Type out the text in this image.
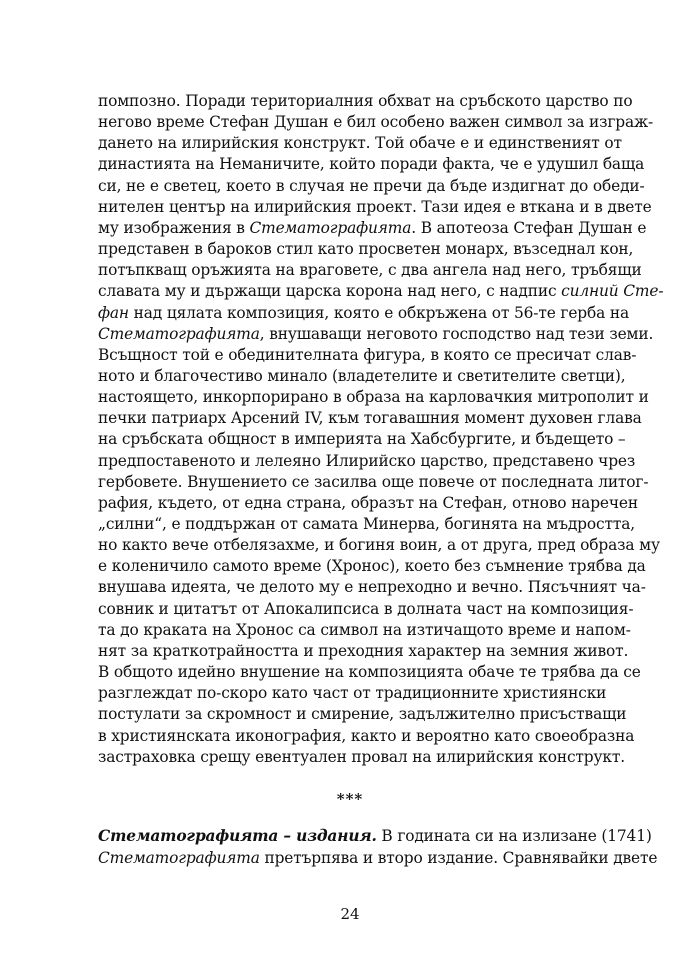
помпозно. Поради териториалния обхват на сръбското царство по
негово време Стефан Душан е бил особено важен символ за изграж-
дането на илирийския конструкт. Той обаче е и единственият от
династията на Неманичите, който поради факта, че е удушил баща
си, не е светец, което в случая не пречи да бъде издигнат до обеди-
нителен център на илирийския проект. Тази идея е вткана и в двете
му изображения в Стематографията. В апотеоза Стефан Душан е
представен в бароков стил като просветен монарх, възседнал кон,
потъпкващ оръжията на враговете, с два ангела над него, тръбящи
славата му и държащи царска корона над него, с надпис силний Сте-
фан над цялата композиция, която е обкръжена от 56-те герба на
Стематографията, внушаващи неговото господство над тези земи.
Всъщност той е обединителната фигура, в която се пресичат слав-
ното и благочестиво минало (владетелите и светителите светци),
настоящето, инкорпорирано в образа на карловачкия митрополит и
печки патриарх Арсений IV, към тогавашния момент духовен глава
на сръбската общност в империята на Хабсбургите, и бъдещето –
предпоставеното и лелеяно Илирийско царство, представено чрез
гербовете. Внушението се засилва още повече от последната литог-
рафия, където, от една страна, образът на Стефан, отново наречен
„силни“, е поддържан от самата Минерва, богинята на мъдростта,
но както вече отбелязахме, и богиня воин, а от друга, пред образа му
е коленичило самото време (Хронос), което без съмнение трябва да
внушава идеята, че делото му е непреходно и вечно. Пясъчният ча-
совник и цитатът от Апокалипсиса в долната част на композиция-
та до краката на Хронос са символ на изтичащото време и напом-
нят за краткотрайността и преходния характер на земния живот.
В общото идейно внушение на композицията обаче те трябва да се
разглеждат по-скоро като част от традиционните християнски
постулати за скромност и смирение, задължително присъстващи
в християнската иконография, както и вероятно като своеобразна
застраховка срещу евентуален провал на илирийския конструкт.
***
Стематографията – издания. В годината си на излизане (1741)
Стематографията претърпява и второ издание. Сравнявайки двете
24
